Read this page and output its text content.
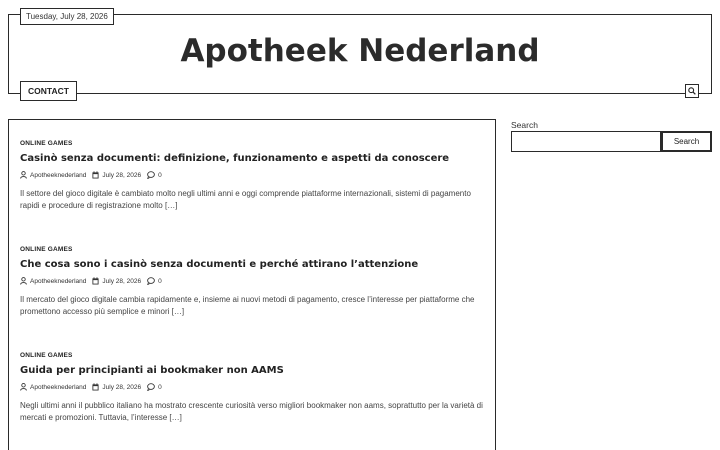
Tuesday, July 28, 2026
Apotheek Nederland
CONTACT
ONLINE GAMES
Casinò senza documenti: definizione, funzionamento e aspetti da conoscere
Apotheeknederland July 28, 2026	0
Il settore del gioco digitale è cambiato molto negli ultimi anni e oggi comprende piattaforme internazionali, sistemi di pagamento rapidi e procedure di registrazione molto […]
ONLINE GAMES
Che cosa sono i casinò senza documenti e perché attirano l’attenzione
Apotheeknederland July 28, 2026	0
Il mercato del gioco digitale cambia rapidamente e, insieme ai nuovi metodi di pagamento, cresce l’interesse per piattaforme che promettono accesso più semplice e minori […]
ONLINE GAMES
Guida per principianti ai bookmaker non AAMS
Apotheeknederland July 28, 2026	0
Negli ultimi anni il pubblico italiano ha mostrato crescente curiosità verso migliori bookmaker non aams, soprattutto per la varietà di mercati e promozioni. Tuttavia, l’interesse […]
Search
Search
